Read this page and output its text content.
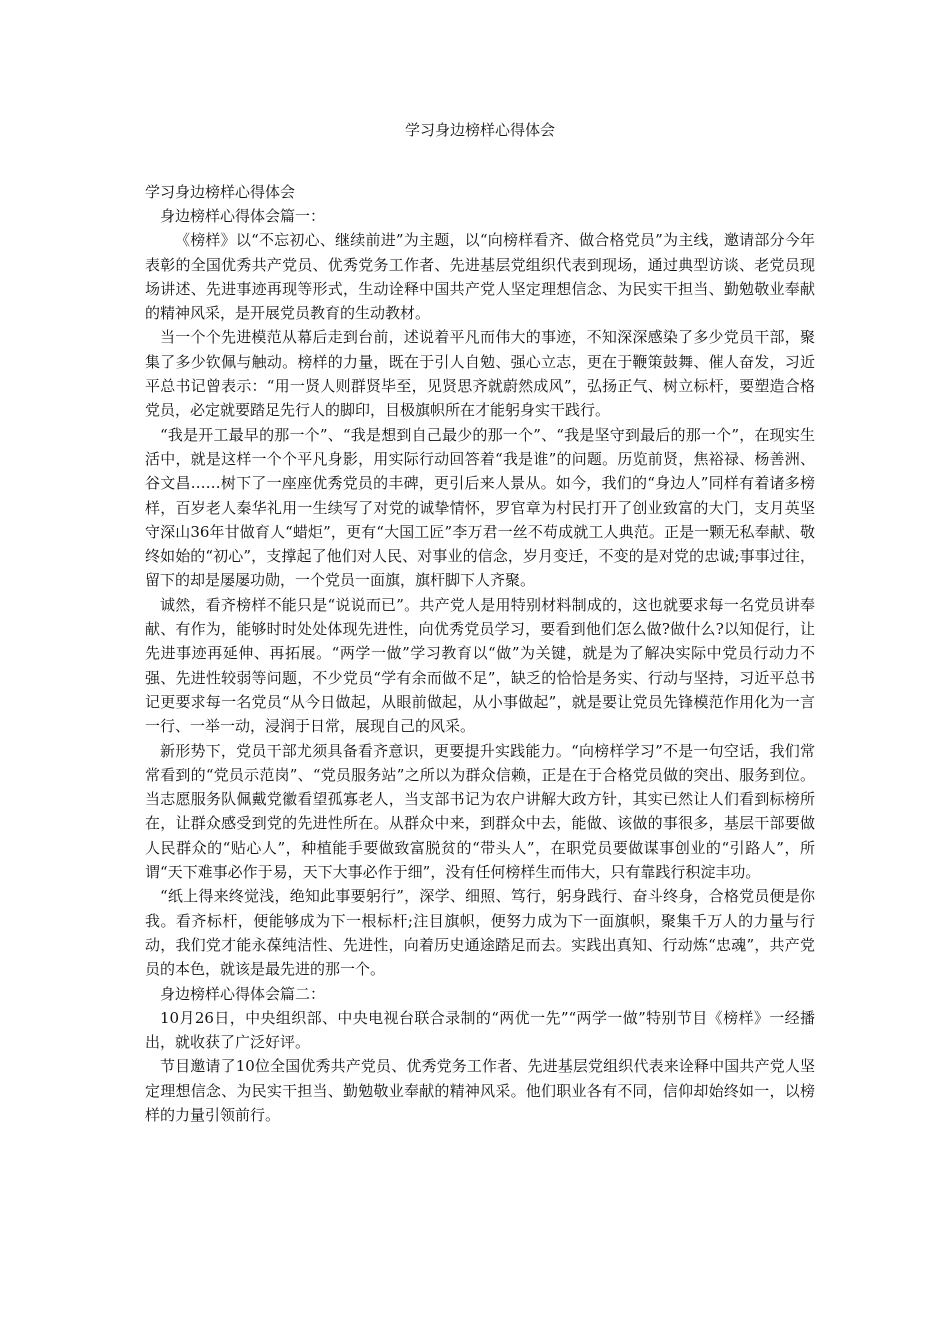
学习身边榜样心得体会

学习身边榜样心得体会

身边榜样心得体会篇一：

《榜样》以“不忘初心、继续前进”为主题，以“向榜样看齐、做合格党员”为主线，邀请部分今年表彰的全国优秀共产党员、优秀党务工作者、先进基层党组织代表到现场，通过典型访谈、老党员现场讲述、先进事迹再现等形式，生动诠释中国共产党人坚定理想信念、为民实干担当、勤勉敬业奉献的精神风采，是开展党员教育的生动教材。

当一个个先进模范从幕后走到台前，述说着平凡而伟大的事迹，不知深深感染了多少党员干部，聚集了多少钦佩与触动。榜样的力量，既在于引人自勉、强心立志，更在于鞭策鼓舞、催人奋发，习近平总书记曾表示：“用一贤人则群贤毕至，见贤思齐就蔚然成风”，弘扬正气、树立标杆，要塑造合格党员，必定就要踏足先行人的脚印，目极旗帜所在才能躬身实干践行。

“我是开工最早的那一个”、“我是想到自己最少的那一个”、“我是坚守到最后的那一个”，在现实生活中，就是这样一个个平凡身影，用实际行动回答着“我是谁”的问题。历览前贤，焦裕禄、杨善洲、谷文昌……树下了一座座优秀党员的丰碑，更引后来人景从。如今，我们的“身边人”同样有着诸多榜样，百岁老人秦华礼用一生续写了对党的诚挚情怀，罗官章为村民打开了创业致富的大门，支月英坚守深山36年甘做育人“蜡炬”，更有“大国工匠”李万君一丝不苟成就工人典范。正是一颗无私奉献、敬终如始的“初心”，支撑起了他们对人民、对事业的信念，岁月变迁，不变的是对党的忠诚;事事过往，留下的却是屡屡功勋，一个党员一面旗，旗杆脚下人齐聚。

诚然，看齐榜样不能只是“说说而已”。共产党人是用特别材料制成的，这也就要求每一名党员讲奉献、有作为，能够时时处处体现先进性，向优秀党员学习，要看到他们怎么做?做什么?以知促行，让先进事迹再延伸、再拓展。“两学一做”学习教育以“做”为关键，就是为了解决实际中党员行动力不强、先进性较弱等问题，不少党员“学有余而做不足”，缺乏的恰恰是务实、行动与坚持，习近平总书记更要求每一名党员“从今日做起，从眼前做起，从小事做起”，就是要让党员先锋模范作用化为一言一行、一举一动，浸润于日常，展现自己的风采。

新形势下，党员干部尤须具备看齐意识，更要提升实践能力。“向榜样学习”不是一句空话，我们常常看到的“党员示范岗”、“党员服务站”之所以为群众信赖，正是在于合格党员做的突出、服务到位。当志愿服务队佩戴党徽看望孤寡老人，当支部书记为农户讲解大政方针，其实已然让人们看到标榜所在，让群众感受到党的先进性所在。从群众中来，到群众中去，能做、该做的事很多，基层干部要做人民群众的“贴心人”，种植能手要做致富脱贫的“带头人”，在职党员要做谋事创业的“引路人”，所谓“天下难事必作于易，天下大事必作于细”，没有任何榜样生而伟大，只有靠践行积淀丰功。

“纸上得来终觉浅，绝知此事要躬行”，深学、细照、笃行，躬身践行、奋斗终身，合格党员便是你我。看齐标杆，便能够成为下一根标杆;注目旗帜，便努力成为下一面旗帜，聚集千万人的力量与行动，我们党才能永葆纯洁性、先进性，向着历史通途踏足而去。实践出真知、行动炼“忠魂”，共产党员的本色，就该是最先进的那一个。

身边榜样心得体会篇二：

10月26日，中央组织部、中央电视台联合录制的“两优一先”“两学一做”特别节目《榜样》一经播出，就收获了广泛好评。

节目邀请了10位全国优秀共产党员、优秀党务工作者、先进基层党组织代表来诠释中国共产党人坚定理想信念、为民实干担当、勤勉敬业奉献的精神风采。他们职业各有不同，信仰却始终如一，以榜样的力量引领前行。
